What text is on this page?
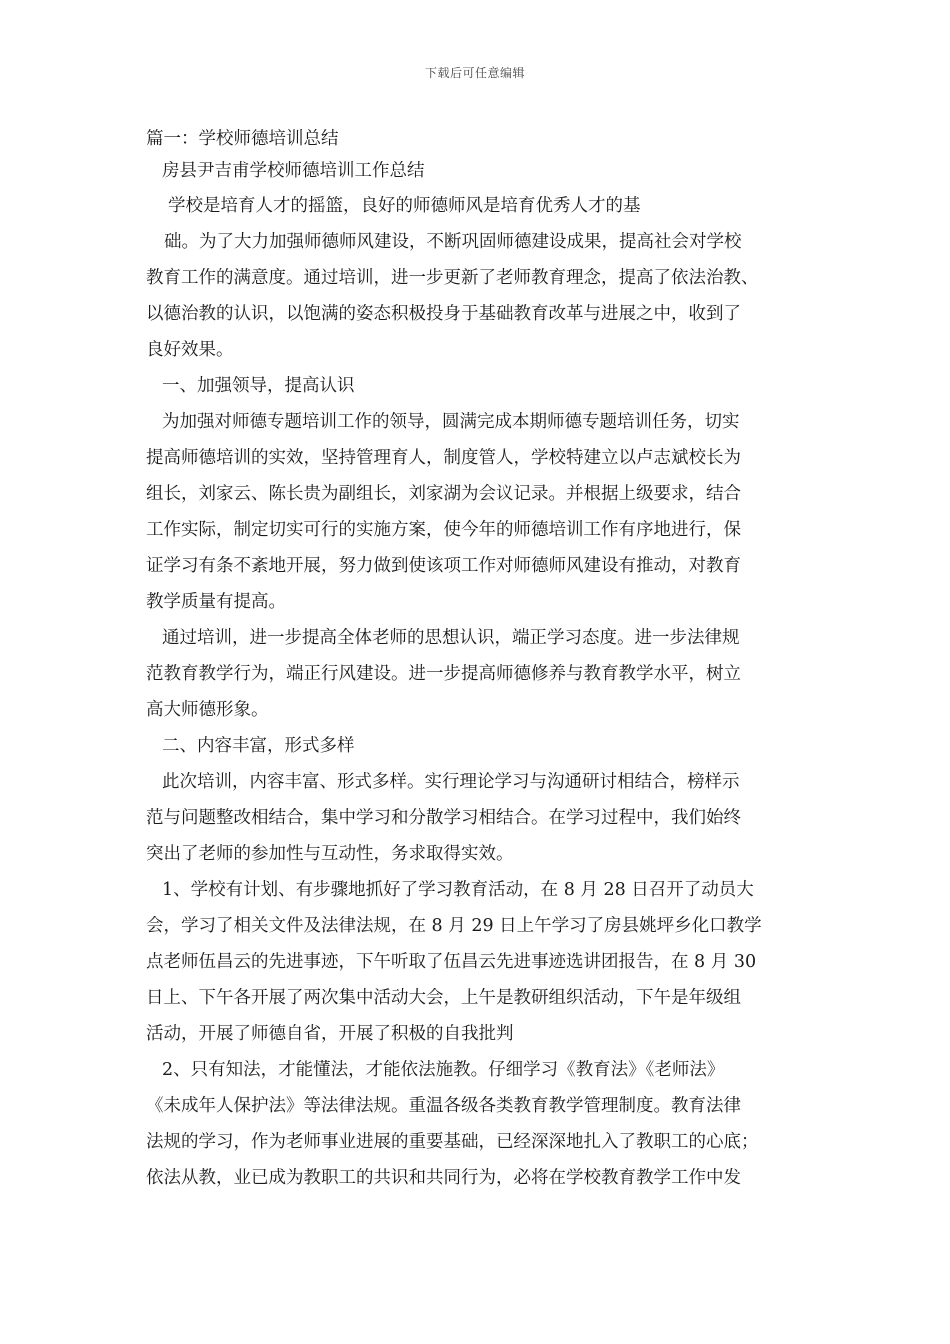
下载后可任意编辑
篇一：学校师德培训总结
房县尹吉甫学校师德培训工作总结
学校是培育人才的摇篮，良好的师德师风是培育优秀人才的基
础。为了大力加强师德师风建设，不断巩固师德建设成果，提高社会对学校
教育工作的满意度。通过培训，进一步更新了老师教育理念，提高了依法治教、
以德治教的认识，以饱满的姿态积极投身于基础教育改革与进展之中，收到了
良好效果。
一、加强领导，提高认识
为加强对师德专题培训工作的领导，圆满完成本期师德专题培训任务，切实
提高师德培训的实效，坚持管理育人，制度管人，学校特建立以卢志斌校长为
组长，刘家云、陈长贵为副组长，刘家湖为会议记录。并根据上级要求，结合
工作实际，制定切实可行的实施方案，使今年的师德培训工作有序地进行，保
证学习有条不紊地开展，努力做到使该项工作对师德师风建设有推动，对教育
教学质量有提高。
通过培训，进一步提高全体老师的思想认识，端正学习态度。进一步法律规
范教育教学行为，端正行风建设。进一步提高师德修养与教育教学水平，树立
高大师德形象。
二、内容丰富，形式多样
此次培训，内容丰富、形式多样。实行理论学习与沟通研讨相结合，榜样示
范与问题整改相结合，集中学习和分散学习相结合。在学习过程中，我们始终
突出了老师的参加性与互动性，务求取得实效。
1、学校有计划、有步骤地抓好了学习教育活动，在 8 月 28 日召开了动员大
会，学习了相关文件及法律法规，在 8 月 29 日上午学习了房县姚坪乡化口教学
点老师伍昌云的先进事迹，下午听取了伍昌云先进事迹选讲团报告，在 8 月 30
日上、下午各开展了两次集中活动大会，上午是教研组织活动，下午是年级组
活动，开展了师德自省，开展了积极的自我批判
2、只有知法，才能懂法，才能依法施教。仔细学习《教育法》《老师法》
《未成年人保护法》等法律法规。重温各级各类教育教学管理制度。教育法律
法规的学习，作为老师事业进展的重要基础，已经深深地扎入了教职工的心底；
依法从教，业已成为教职工的共识和共同行为，必将在学校教育教学工作中发
